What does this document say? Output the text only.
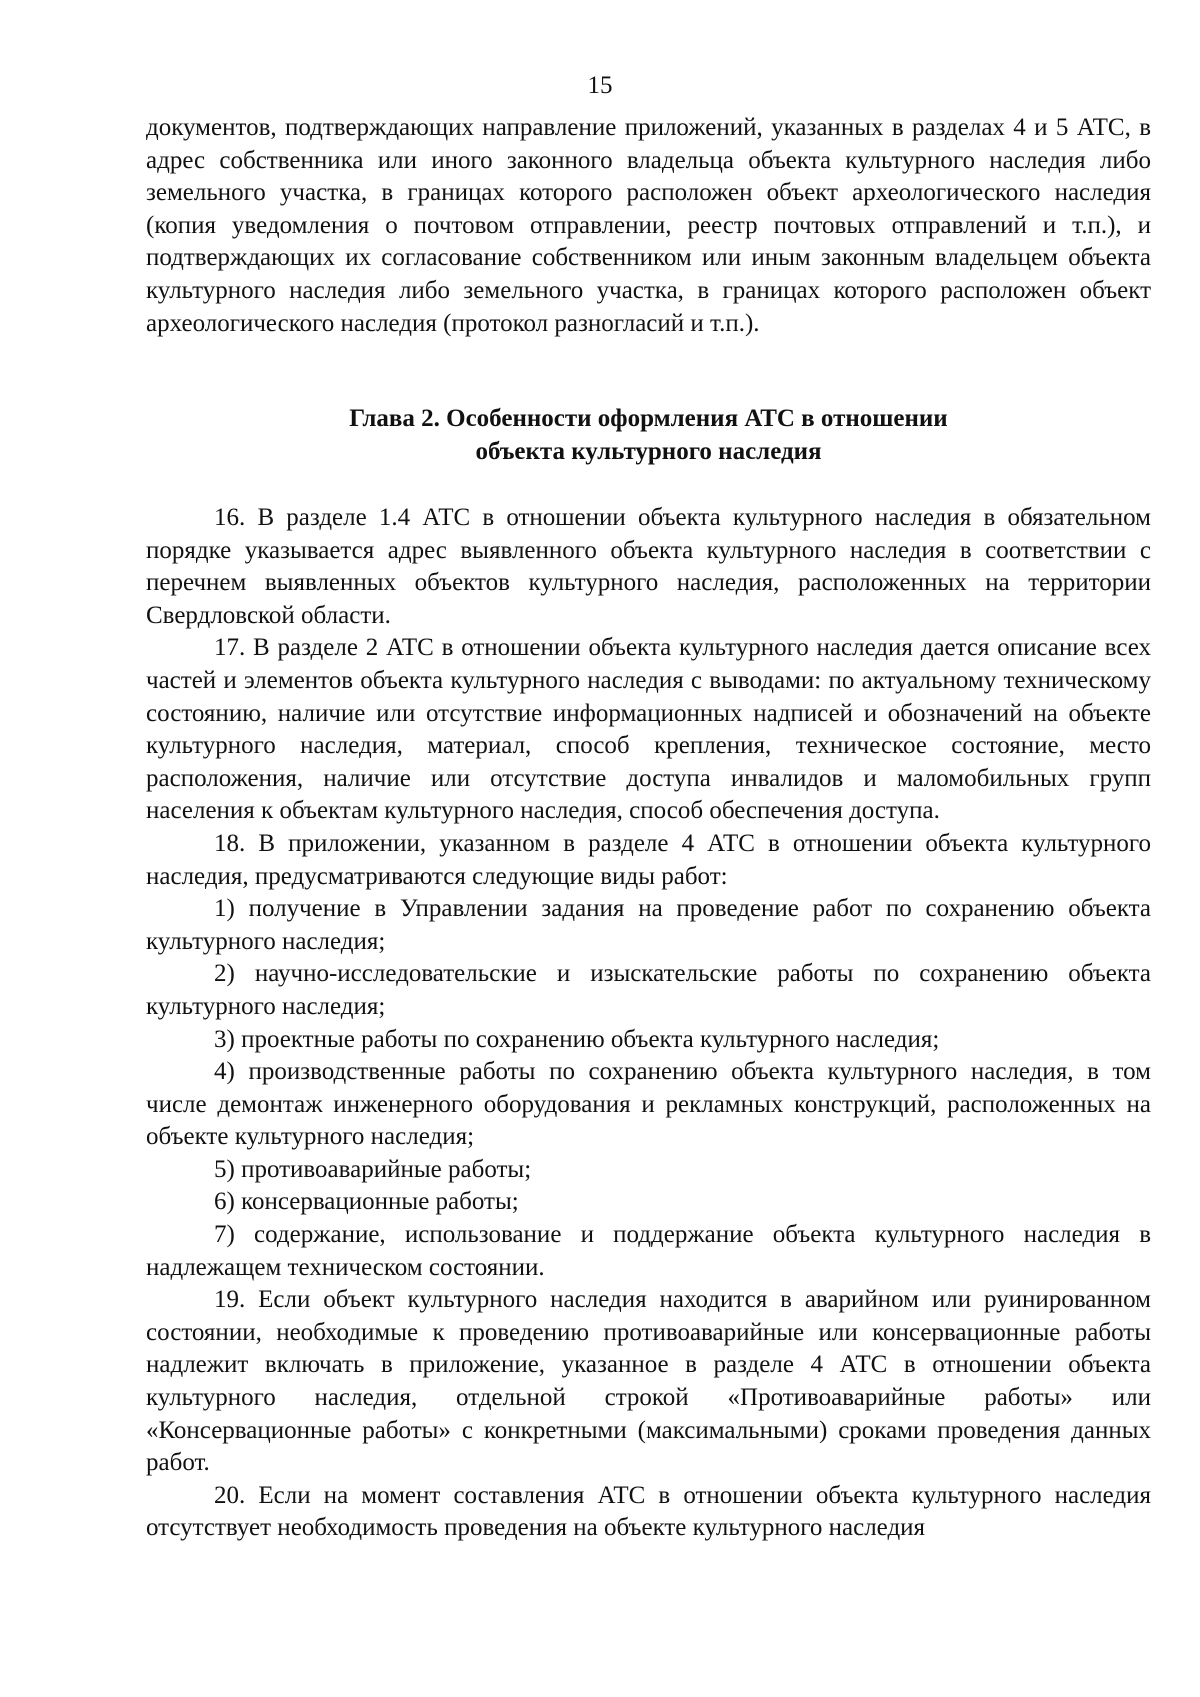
15

документов, подтверждающих направление приложений, указанных в разделах 4 и 5 АТС, в адрес собственника или иного законного владельца объекта культурного наследия либо земельного участка, в границах которого расположен объект археологического наследия (копия уведомления о почтовом отправлении, реестр почтовых отправлений и т.п.), и подтверждающих их согласование собственником или иным законным владельцем объекта культурного наследия либо земельного участка, в границах которого расположен объект археологического наследия (протокол разногласий и т.п.).

Глава 2. Особенности оформления АТС в отношении
объекта культурного наследия

16. В разделе 1.4 АТС в отношении объекта культурного наследия в обязательном порядке указывается адрес выявленного объекта культурного наследия в соответствии с перечнем выявленных объектов культурного наследия, расположенных на территории Свердловской области.

17. В разделе 2 АТС в отношении объекта культурного наследия дается описание всех частей и элементов объекта культурного наследия с выводами: по актуальному техническому состоянию, наличие или отсутствие информационных надписей и обозначений на объекте культурного наследия, материал, способ крепления, техническое состояние, место расположения, наличие или отсутствие доступа инвалидов и маломобильных групп населения к объектам культурного наследия, способ обеспечения доступа.

18. В приложении, указанном в разделе 4 АТС в отношении объекта культурного наследия, предусматриваются следующие виды работ:

1) получение в Управлении задания на проведение работ по сохранению объекта культурного наследия;

2) научно-исследовательские и изыскательские работы по сохранению объекта культурного наследия;

3) проектные работы по сохранению объекта культурного наследия;

4) производственные работы по сохранению объекта культурного наследия, в том числе демонтаж инженерного оборудования и рекламных конструкций, расположенных на объекте культурного наследия;

5) противоаварийные работы;

6) консервационные работы;

7) содержание, использование и поддержание объекта культурного наследия в надлежащем техническом состоянии.

19. Если объект культурного наследия находится в аварийном или руинированном состоянии, необходимые к проведению противоаварийные или консервационные работы надлежит включать в приложение, указанное в разделе 4 АТС в отношении объекта культурного наследия, отдельной строкой «Противоаварийные работы» или «Консервационные работы» с конкретными (максимальными) сроками проведения данных работ.

20. Если на момент составления АТС в отношении объекта культурного наследия отсутствует необходимость проведения на объекте культурного наследия
